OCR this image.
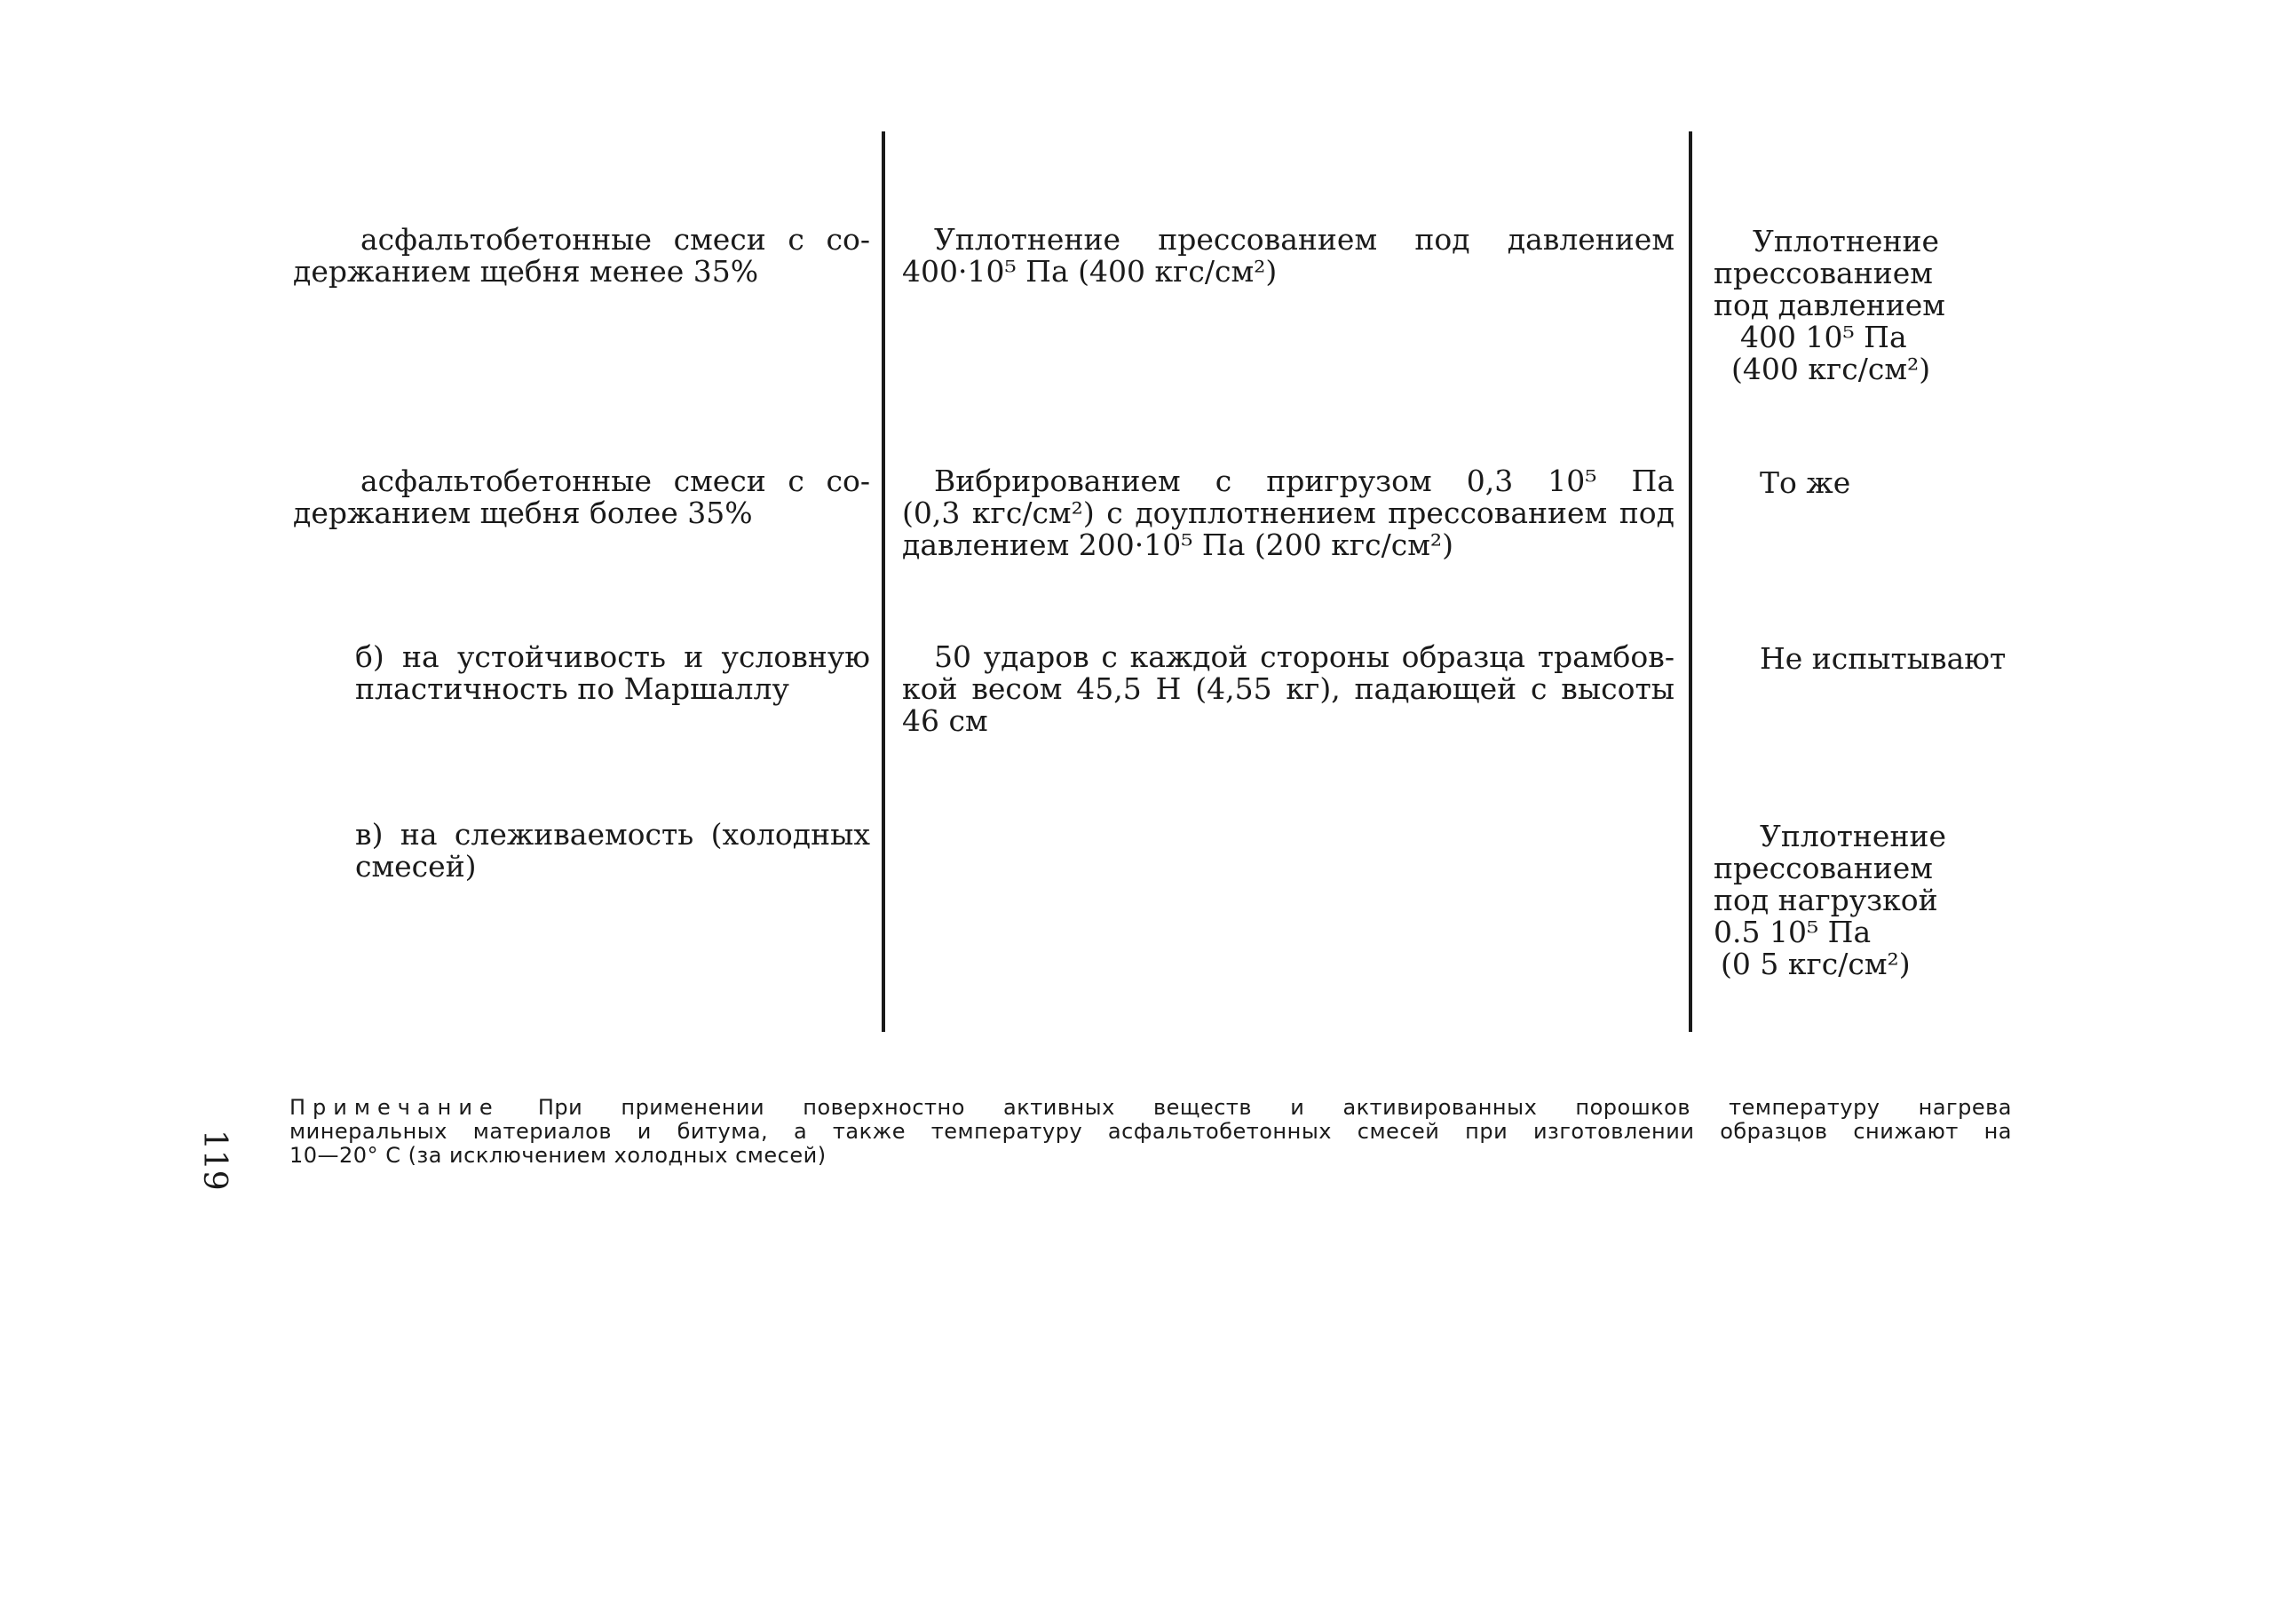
асфальтобетонные смеси с со-
держанием щебня менее 35%
Уплотнение прессованием под давлением
400·10⁵ Па (400 кгс/см²)
Уплотнение
прессованием
под давлением
400 10⁵ Па
(400 кгс/см²)
асфальтобетонные смеси с со-
держанием щебня более 35%
Вибрированием с пригрузом 0,3 10⁵ Па
(0,3 кгс/см²) с доуплотнением прессованием под
давлением 200·10⁵ Па (200 кгс/см²)
То же
б) на устойчивость и условную
пластичность по Маршаллу
50 ударов с каждой стороны образца трамбов-
кой весом 45,5 Н (4,55 кг), падающей с высоты
46 см
Не испытывают
в) на слеживаемость (холодных
смесей)
Уплотнение
прессованием
под нагрузкой
0.5 10⁵ Па
(0 5 кгс/см²)
Примечание При применении поверхностно активных веществ и активированных порошков температуру нагрева
минеральных материалов и битума, а также температуру асфальтобетонных смесей при изготовлении образцов снижают на
10—20° С (за исключением холодных смесей)
119
